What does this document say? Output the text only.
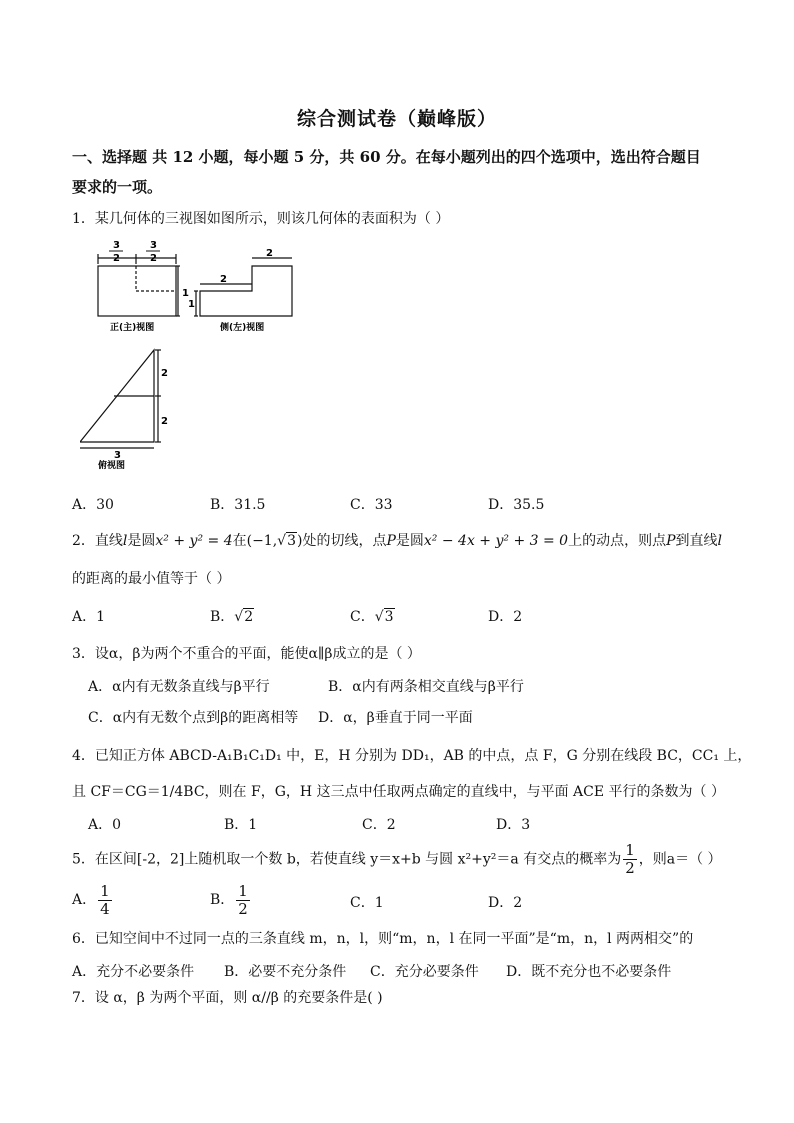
综合测试卷（巅峰版）
一、选择题 共 12 小题，每小题 5 分，共 60 分。在每小题列出的四个选项中，选出符合题目
要求的一项。
1．某几何体的三视图如图所示，则该几何体的表面积为（ ）
3
2
3
2
1
正(主)视图
2
2
1
侧(左)视图
2
2
3
俯视图
A．30	B．31.5	C．33	D．35.5
2．直线l是圆x² + y² = 4在(−1,√3)处的切线，点P是圆x² − 4x + y² + 3 = 0上的动点，则点P到直线l
的距离的最小值等于（ ）
A．1	B．√2	C．√3	D．2
3．设α，β为两个不重合的平面，能使α∥β成立的是（ ）
A．α内有无数条直线与β平行	B．α内有两条相交直线与β平行
C．α内有无数个点到β的距离相等 D．α，β垂直于同一平面
4．已知正方体 ABCD-A₁B₁C₁D₁ 中，E，H 分别为 DD₁，AB 的中点，点 F，G 分别在线段 BC，CC₁ 上，
且 CF＝CG＝1/4BC，则在 F，G，H 这三点中任取两点确定的直线中，与平面 ACE 平行的条数为（ ）
A．0	B．1	C．2	D．3
5．在区间[-2，2]上随机取一个数 b，若使直线 y＝x+b 与圆 x²+y²＝a 有交点的概率为 $\frac{1}{2}$ ，则a＝（ ）
A． $\frac{1}{4}$	B． $\frac{1}{2}$	C．1	D．2
6．已知空间中不过同一点的三条直线 m，n，l，则“m，n，l 在同一平面”是“m，n，l 两两相交”的
A．充分不必要条件 B．必要不充分条件 C．充分必要条件 D．既不充分也不必要条件
7．设 α，β 为两个平面，则 α//β 的充要条件是( )
